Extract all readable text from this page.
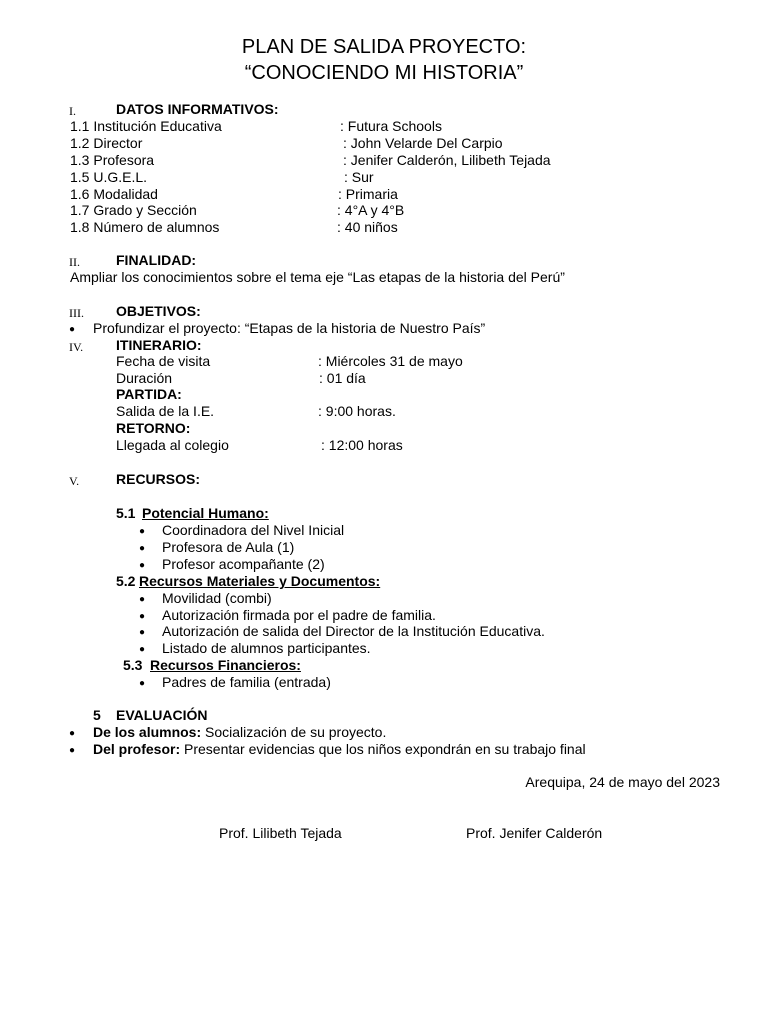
PLAN DE SALIDA PROYECTO:
“CONOCIENDO MI HISTORIA”
I.	DATOS INFORMATIVOS:
1.1 Institución Educativa	: Futura Schools
1.2 Director	: John Velarde Del Carpio
1.3 Profesora	: Jenifer Calderón, Lilibeth Tejada
1.5 U.G.E.L.	: Sur
1.6 Modalidad	: Primaria
1.7 Grado y Sección	: 4°A y 4°B
1.8 Número de alumnos	: 40 niños
II.	FINALIDAD:
Ampliar los conocimientos sobre el tema eje “Las etapas de la historia del Perú”
III. OBJETIVOS:
● Profundizar el proyecto: “Etapas de la historia de Nuestro País”
IV. ITINERARIO:
Fecha de visita	: Miércoles 31 de mayo
Duración	: 01 día
PARTIDA:
Salida de la I.E.	: 9:00 horas.
RETORNO:
Llegada al colegio	: 12:00 horas
V.	RECURSOS:
5.1 Potencial Humano:
● Coordinadora del Nivel Inicial
● Profesora de Aula (1)
● Profesor acompañante (2)
5.2 Recursos Materiales y Documentos:
● Movilidad (combi)
● Autorización firmada por el padre de familia.
● Autorización de salida del Director de la Institución Educativa.
● Listado de alumnos participantes.
5.3 Recursos Financieros:
● Padres de familia (entrada)
5 EVALUACIÓN
● De los alumnos: Socialización de su proyecto.
● Del profesor: Presentar evidencias que los niños expondrán en su trabajo final
Arequipa, 24 de mayo del 2023
Prof. Lilibeth Tejada	Prof. Jenifer Calderón
